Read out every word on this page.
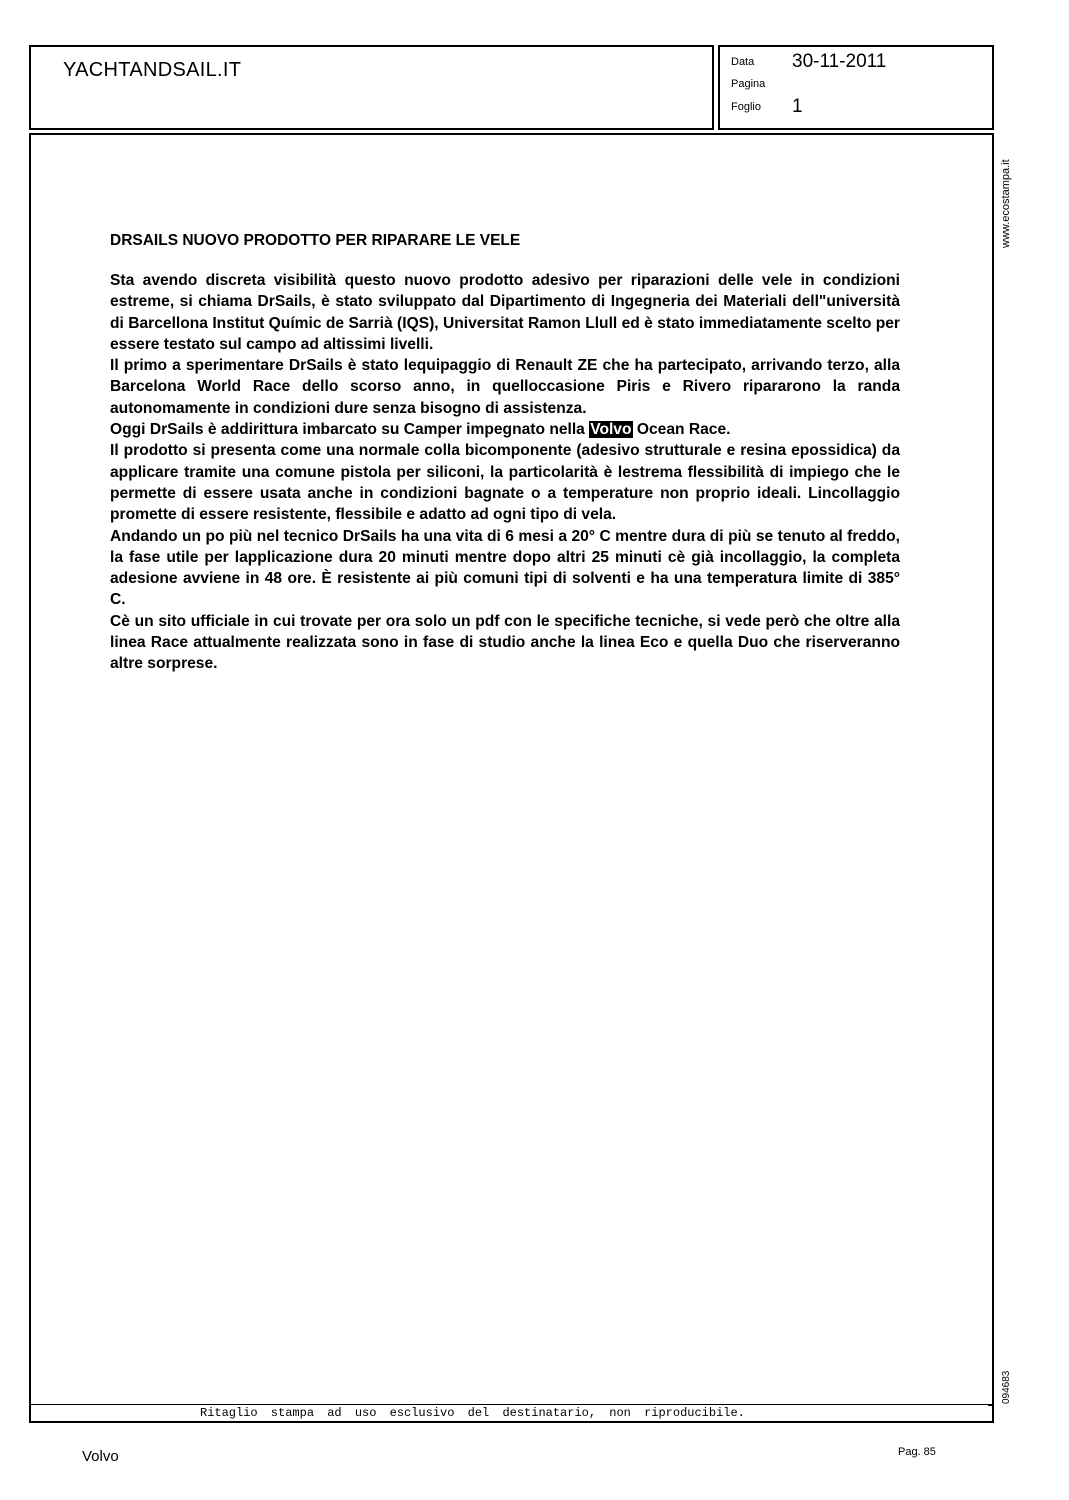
YACHTANDSAIL.IT	Data 30-11-2011
Pagina
Foglio 1
DRSAILS NUOVO PRODOTTO PER RIPARARE LE VELE

Sta avendo discreta visibilità questo nuovo prodotto adesivo per riparazioni delle vele in condizioni estreme, si chiama DrSails, è stato sviluppato dal Dipartimento di Ingegneria dei Materiali dell"università di Barcellona Institut Químic de Sarrià (IQS), Universitat Ramon Llull ed è stato immediatamente scelto per essere testato sul campo ad altissimi livelli.

Il primo a sperimentare DrSails è stato lequipaggio di Renault ZE che ha partecipato, arrivando terzo, alla Barcelona World Race dello scorso anno, in quelloccasione Piris e Rivero ripararono la randa autonomamente in condizioni dure senza bisogno di assistenza.

Oggi DrSails è addirittura imbarcato su Camper impegnato nella Volvo Ocean Race.

Il prodotto si presenta come una normale colla bicomponente (adesivo strutturale e resina epossidica) da applicare tramite una comune pistola per siliconi, la particolarità è lestrema flessibilità di impiego che le permette di essere usata anche in condizioni bagnate o a temperature non proprio ideali. Lincollaggio promette di essere resistente, flessibile e adatto ad ogni tipo di vela.

Andando un po più nel tecnico DrSails ha una vita di 6 mesi a 20° C mentre dura di più se tenuto al freddo, la fase utile per lapplicazione dura 20 minuti mentre dopo altri 25 minuti cè già incollaggio, la completa adesione avviene in 48 ore. È resistente ai più comuni tipi di solventi e ha una temperatura limite di 385° C.

Cè un sito ufficiale in cui trovate per ora solo un pdf con le specifiche tecniche, si vede però che oltre alla linea Race attualmente realizzata sono in fase di studio anche la linea Eco e quella Duo che riserveranno altre sorprese.

www.ecostampa.it
094683
Ritaglio stampa ad uso esclusivo del destinatario, non riproducibile.
Volvo	Pag. 85
